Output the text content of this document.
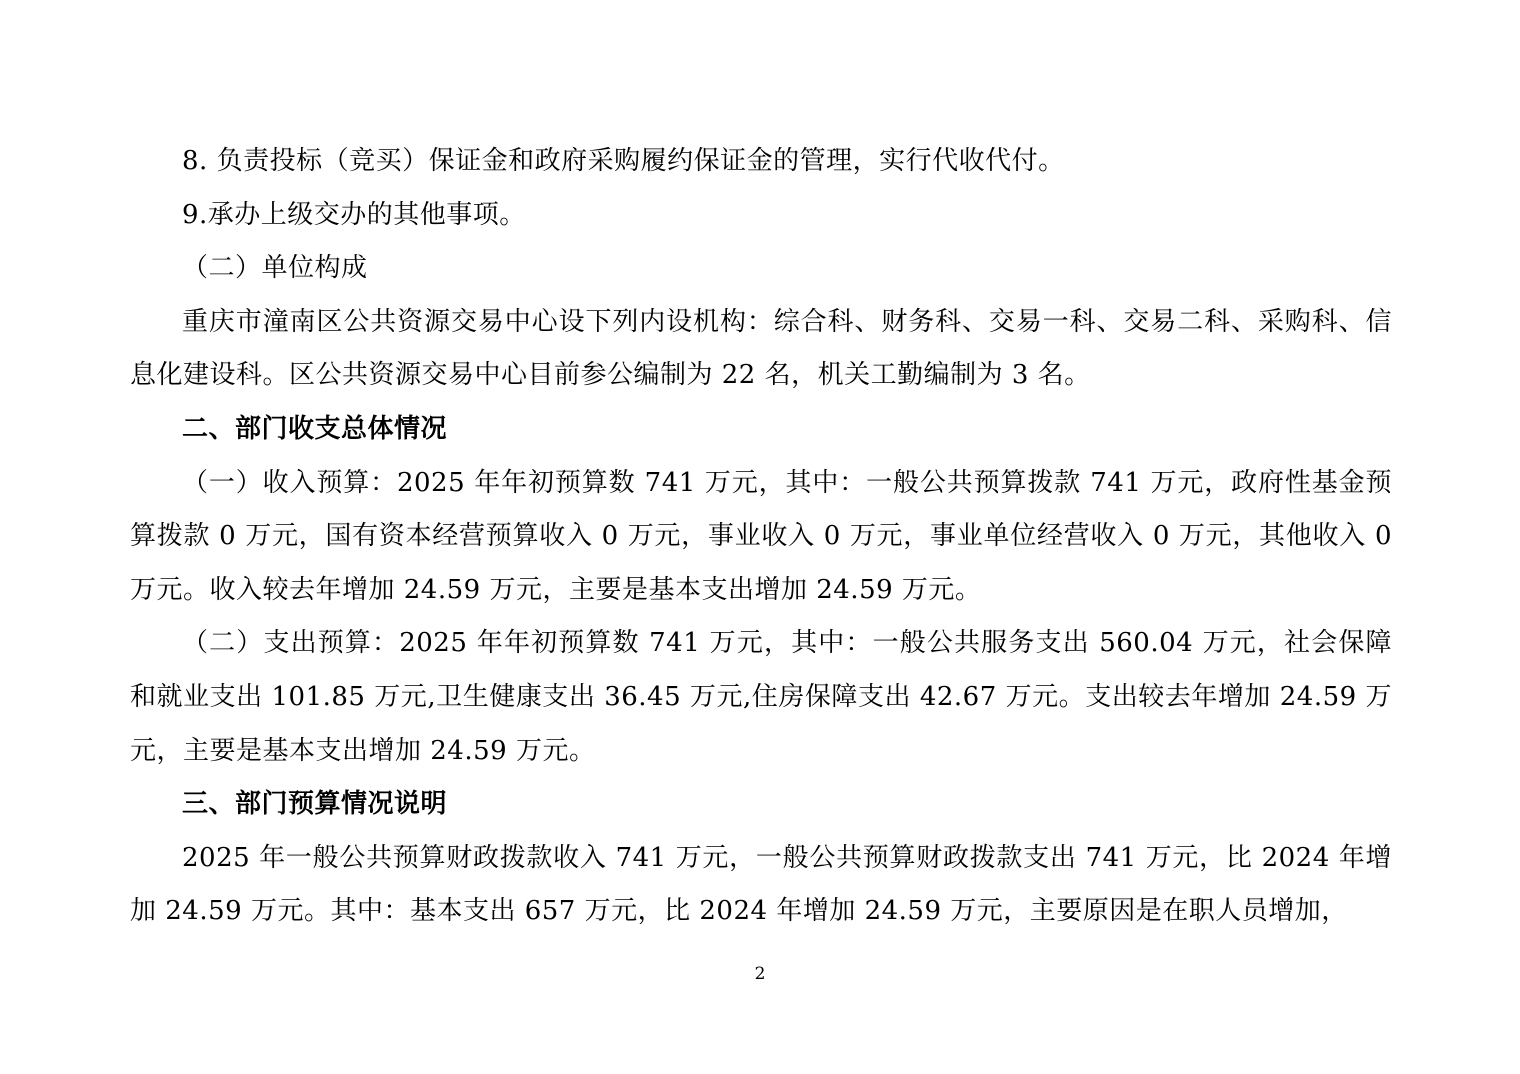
8. 负责投标（竞买）保证金和政府采购履约保证金的管理，实行代收代付。

9.承办上级交办的其他事项。

（二）单位构成

重庆市潼南区公共资源交易中心设下列内设机构：综合科、财务科、交易一科、交易二科、采购科、信息化建设科。区公共资源交易中心目前参公编制为 22 名，机关工勤编制为 3 名。

二、部门收支总体情况

（一）收入预算：2025 年年初预算数 741 万元，其中：一般公共预算拨款 741 万元，政府性基金预算拨款 0 万元，国有资本经营预算收入 0 万元，事业收入 0 万元，事业单位经营收入 0 万元，其他收入 0 万元。收入较去年增加 24.59 万元，主要是基本支出增加 24.59 万元。

（二）支出预算：2025 年年初预算数 741 万元，其中：一般公共服务支出 560.04 万元，社会保障和就业支出 101.85 万元,卫生健康支出 36.45 万元,住房保障支出 42.67 万元。支出较去年增加 24.59 万元，主要是基本支出增加 24.59 万元。

三、部门预算情况说明

2025 年一般公共预算财政拨款收入 741 万元，一般公共预算财政拨款支出 741 万元，比 2024 年增加 24.59 万元。其中：基本支出 657 万元，比 2024 年增加 24.59 万元，主要原因是在职人员增加，

2
